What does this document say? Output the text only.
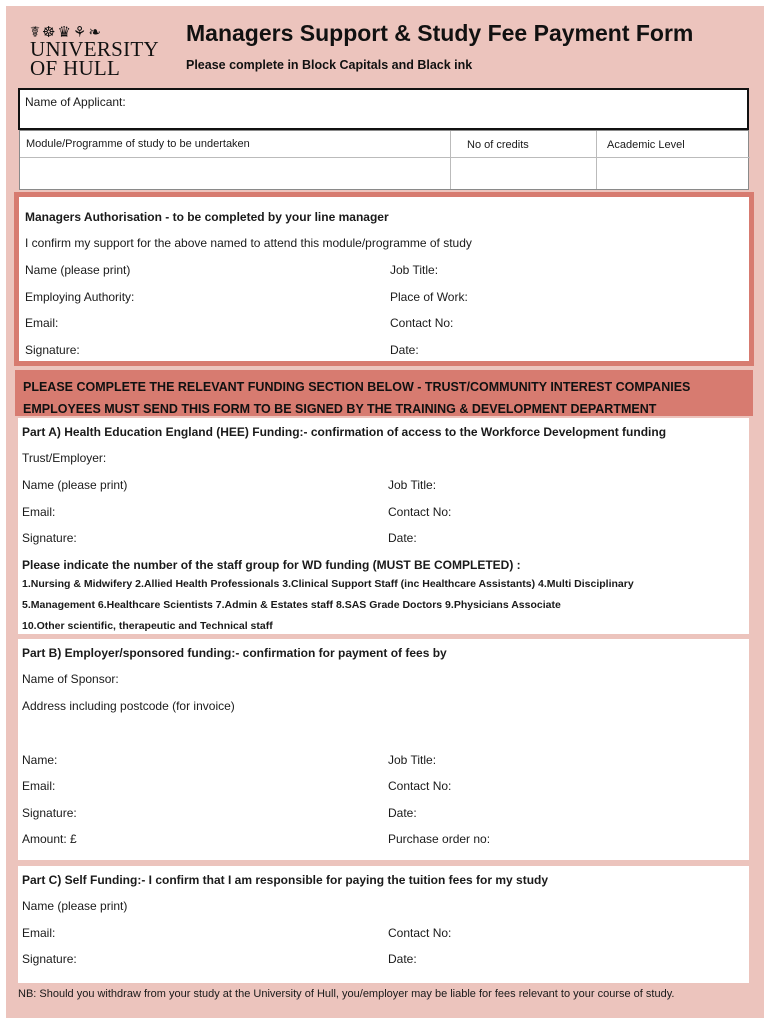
☤☸♛⚘❧
UNIVERSITY
OF HULL
Managers Support & Study Fee Payment Form
Please complete in Block Capitals and Black ink
Name of Applicant:
Module/Programme of study to be undertaken	No of credits	Academic Level
Managers Authorisation - to be completed by your line manager
I confirm my support for the above named to attend this module/programme of study
Name (please print)	Job Title:
Employing Authority:	Place of Work:
Email:	Contact No:
Signature:	Date:
PLEASE COMPLETE THE RELEVANT FUNDING SECTION BELOW - TRUST/COMMUNITY INTEREST COMPANIES EMPLOYEES MUST SEND THIS FORM TO BE SIGNED BY THE TRAINING & DEVELOPMENT DEPARTMENT
Part A) Health Education England (HEE) Funding:- confirmation of access to the Workforce Development funding
Trust/Employer:
Name (please print)	Job Title:
Email:	Contact No:
Signature:	Date:
Please indicate the number of the staff group for WD funding (MUST BE COMPLETED) :
1.Nursing & Midwifery 2.Allied Health Professionals 3.Clinical Support Staff (inc Healthcare Assistants) 4.Multi Disciplinary
5.Management 6.Healthcare Scientists 7.Admin & Estates staff 8.SAS Grade Doctors 9.Physicians Associate
10.Other scientific, therapeutic and Technical staff
Part B) Employer/sponsored funding:- confirmation for payment of fees by
Name of Sponsor:
Address including postcode (for invoice)
Name:	Job Title:
Email:	Contact No:
Signature:	Date:
Amount: £	Purchase order no:
Part C) Self Funding:- I confirm that I am responsible for paying the tuition fees for my study
Name (please print)
Email:	Contact No:
Signature:	Date:
NB: Should you withdraw from your study at the University of Hull, you/employer may be liable for fees relevant to your course of study.
